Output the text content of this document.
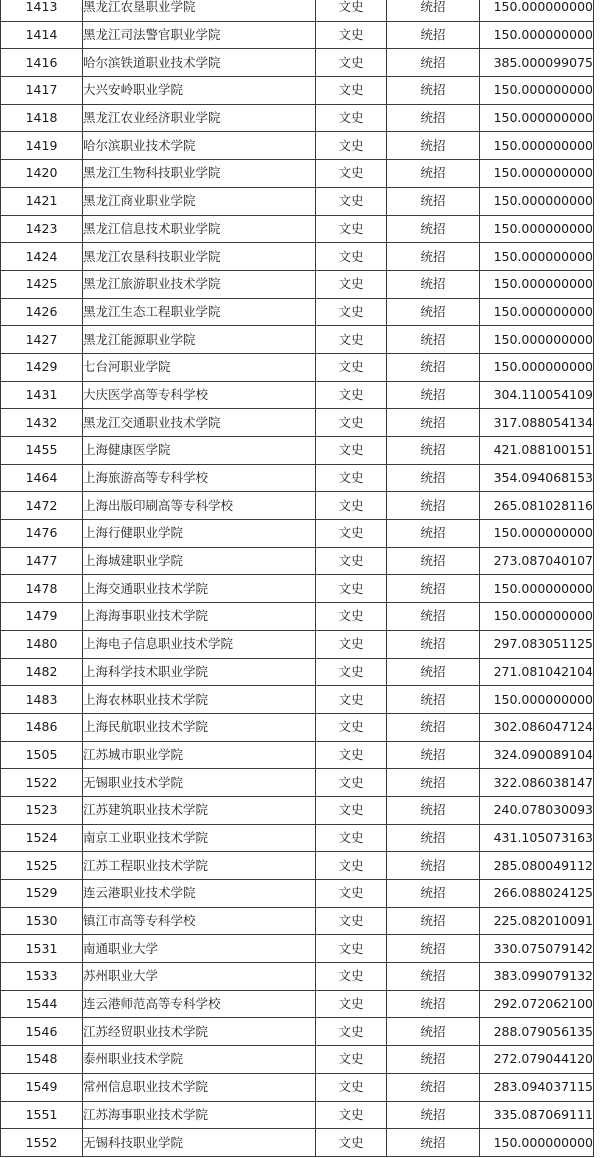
1413	黑龙江农垦职业学院	文史	统招	150.000000000
1414	黑龙江司法警官职业学院	文史	统招	150.000000000
1416	哈尔滨铁道职业技术学院	文史	统招	385.000099075
1417	大兴安岭职业学院	文史	统招	150.000000000
1418	黑龙江农业经济职业学院	文史	统招	150.000000000
1419	哈尔滨职业技术学院	文史	统招	150.000000000
1420	黑龙江生物科技职业学院	文史	统招	150.000000000
1421	黑龙江商业职业学院	文史	统招	150.000000000
1423	黑龙江信息技术职业学院	文史	统招	150.000000000
1424	黑龙江农垦科技职业学院	文史	统招	150.000000000
1425	黑龙江旅游职业技术学院	文史	统招	150.000000000
1426	黑龙江生态工程职业学院	文史	统招	150.000000000
1427	黑龙江能源职业学院	文史	统招	150.000000000
1429	七台河职业学院	文史	统招	150.000000000
1431	大庆医学高等专科学校	文史	统招	304.110054109
1432	黑龙江交通职业技术学院	文史	统招	317.088054134
1455	上海健康医学院	文史	统招	421.088100151
1464	上海旅游高等专科学校	文史	统招	354.094068153
1472	上海出版印刷高等专科学校	文史	统招	265.081028116
1476	上海行健职业学院	文史	统招	150.000000000
1477	上海城建职业学院	文史	统招	273.087040107
1478	上海交通职业技术学院	文史	统招	150.000000000
1479	上海海事职业技术学院	文史	统招	150.000000000
1480	上海电子信息职业技术学院	文史	统招	297.083051125
1482	上海科学技术职业学院	文史	统招	271.081042104
1483	上海农林职业技术学院	文史	统招	150.000000000
1486	上海民航职业技术学院	文史	统招	302.086047124
1505	江苏城市职业学院	文史	统招	324.090089104
1522	无锡职业技术学院	文史	统招	322.086038147
1523	江苏建筑职业技术学院	文史	统招	240.078030093
1524	南京工业职业技术学院	文史	统招	431.105073163
1525	江苏工程职业技术学院	文史	统招	285.080049112
1529	连云港职业技术学院	文史	统招	266.088024125
1530	镇江市高等专科学校	文史	统招	225.082010091
1531	南通职业大学	文史	统招	330.075079142
1533	苏州职业大学	文史	统招	383.099079132
1544	连云港师范高等专科学校	文史	统招	292.072062100
1546	江苏经贸职业技术学院	文史	统招	288.079056135
1548	泰州职业技术学院	文史	统招	272.079044120
1549	常州信息职业技术学院	文史	统招	283.094037115
1551	江苏海事职业技术学院	文史	统招	335.087069111
1552	无锡科技职业学院	文史	统招	150.000000000
